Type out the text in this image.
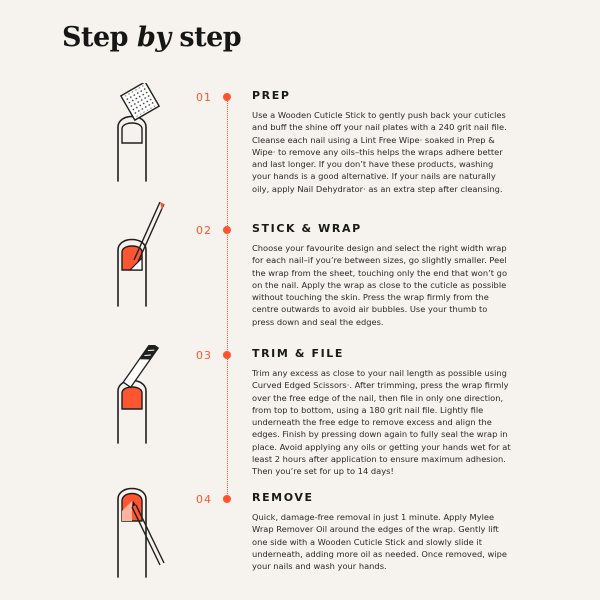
Step by step
01	PREP

Use a Wooden Cuticle Stick to gently push back your cuticles and buff the shine off your nail plates with a 240 grit nail file. Cleanse each nail using a Lint Free Wipe· soaked in Prep & Wipe· to remove any oils–this helps the wraps adhere better and last longer. If you don’t have these products, washing your hands is a good alternative. If your nails are naturally oily, apply Nail Dehydrator· as an extra step after cleansing.

02	STICK & WRAP

Choose your favourite design and select the right width wrap for each nail–if you’re between sizes, go slightly smaller. Peel the wrap from the sheet, touching only the end that won’t go on the nail. Apply the wrap as close to the cuticle as possible without touching the skin. Press the wrap firmly from the centre outwards to avoid air bubbles. Use your thumb to press down and seal the edges.

03	TRIM & FILE

Trim any excess as close to your nail length as possible using Curved Edged Scissors·. After trimming, press the wrap firmly over the free edge of the nail, then file in only one direction, from top to bottom, using a 180 grit nail file. Lightly file underneath the free edge to remove excess and align the edges. Finish by pressing down again to fully seal the wrap in place. Avoid applying any oils or getting your hands wet for at least 2 hours after application to ensure maximum adhesion. Then you’re set for up to 14 days!

04	REMOVE

Quick, damage-free removal in just 1 minute. Apply Mylee Wrap Remover Oil around the edges of the wrap. Gently lift one side with a Wooden Cuticle Stick and slowly slide it underneath, adding more oil as needed. Once removed, wipe your nails and wash your hands.
